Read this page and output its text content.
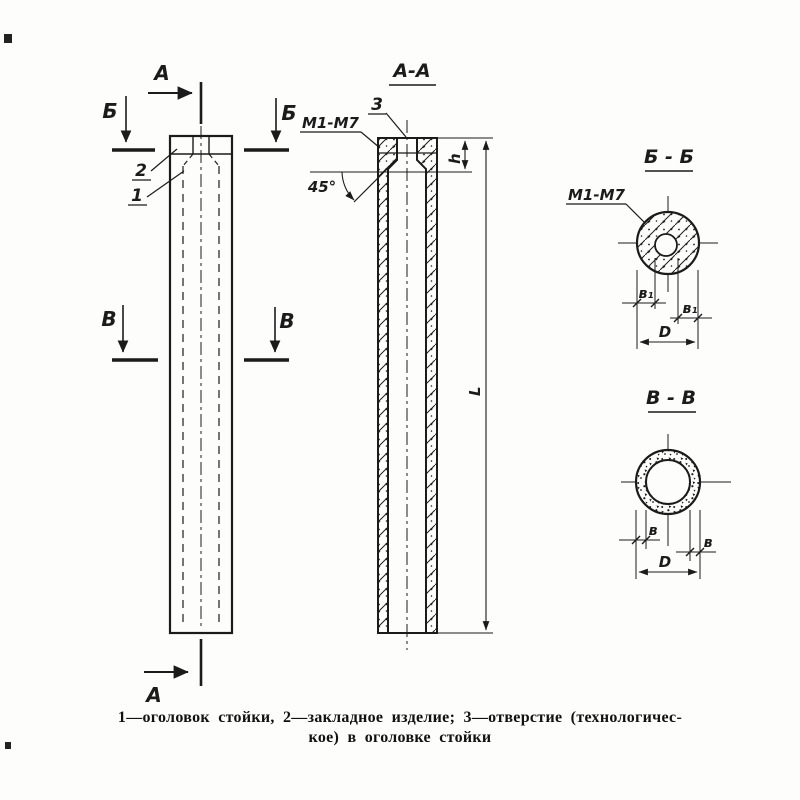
А
А
Б	Б
В	В
2
1
А-А
45°
3
М1-М7
h
L
Б - Б
М1-М7
в₁
в₁
D
В - В
в
в
D
1—оголовок стойки, 2—закладное изделие; 3—отверстие (технологичес-
кое) в оголовке стойки
